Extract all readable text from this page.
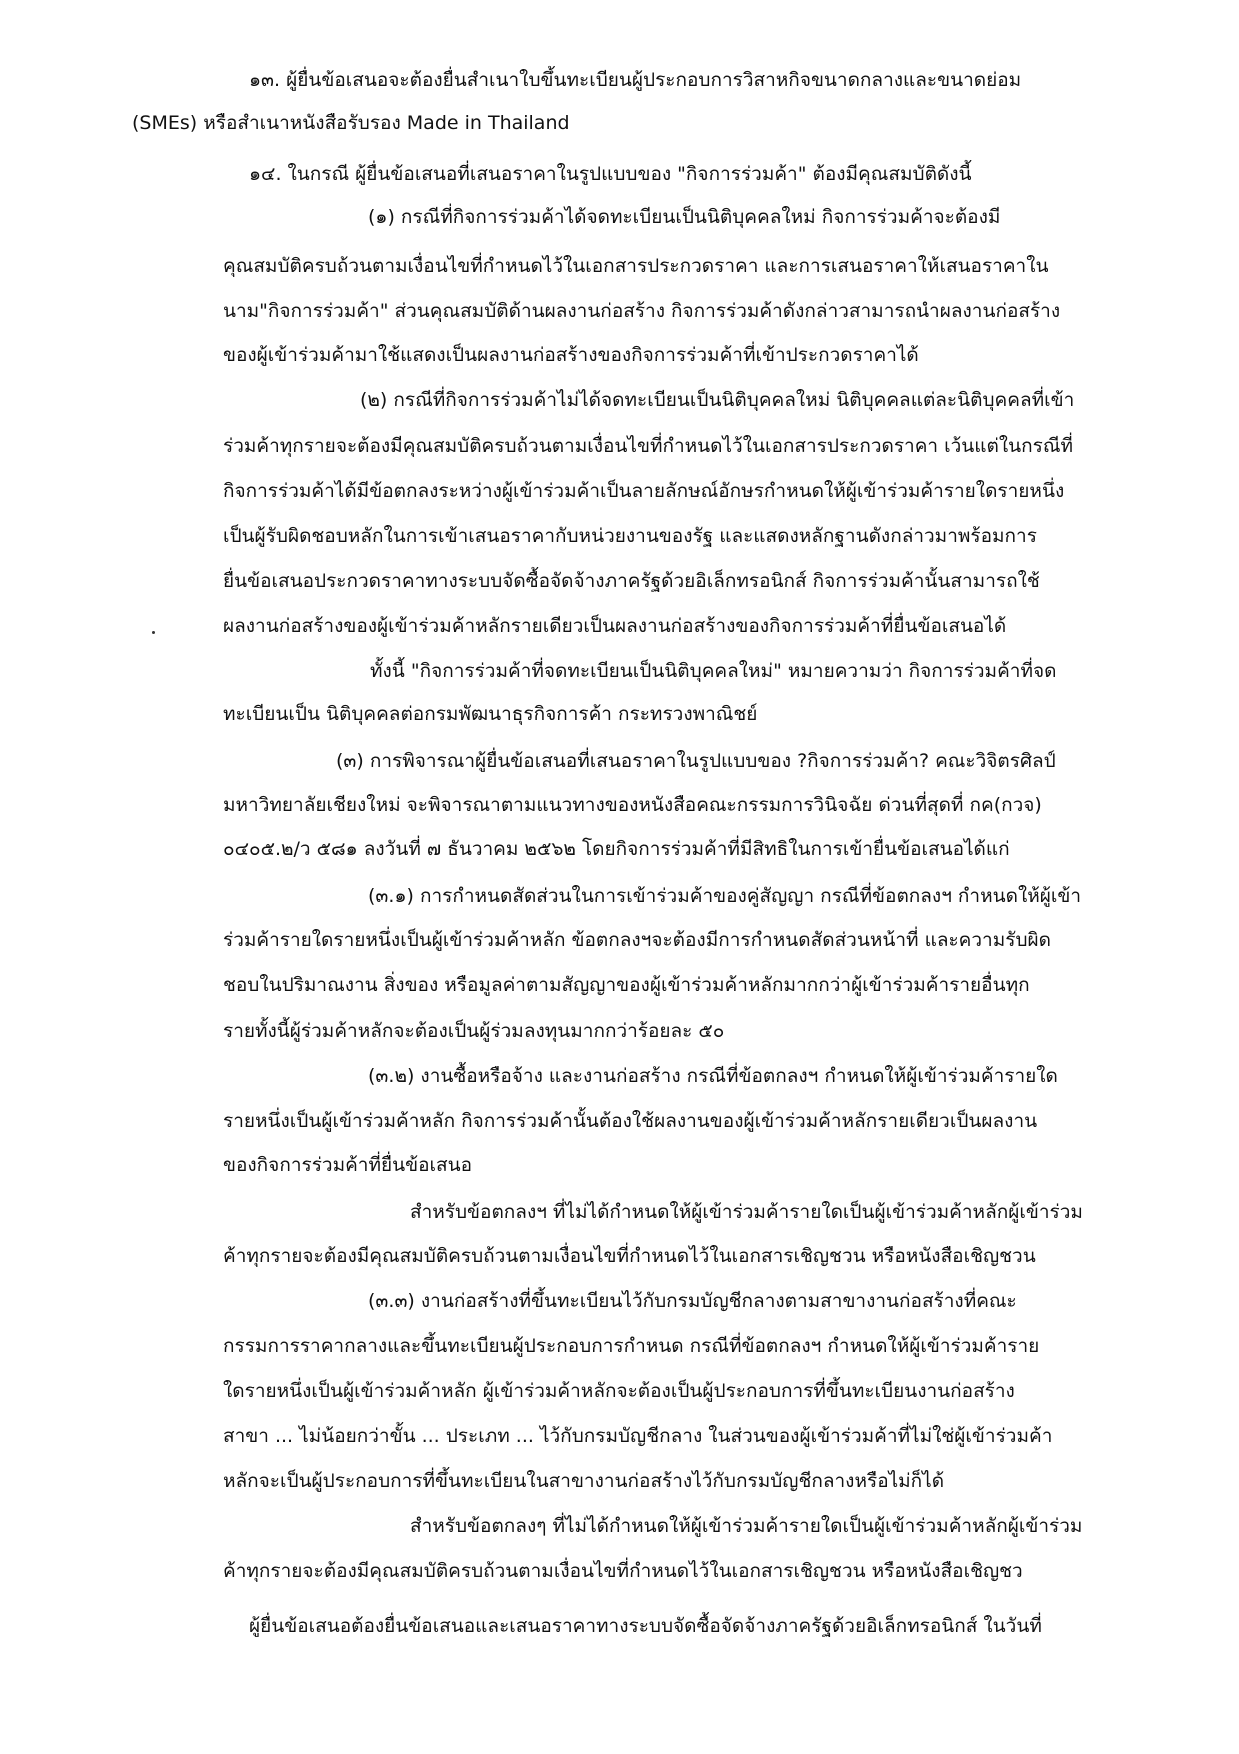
๑๓. ผู้ยื่นข้อเสนอจะต้องยื่นสำเนาใบขึ้นทะเบียนผู้ประกอบการวิสาหกิจขนาดกลางและขนาดย่อม
(SMEs) หรือสำเนาหนังสือรับรอง Made in Thailand
๑๔. ในกรณี ผู้ยื่นข้อเสนอที่เสนอราคาในรูปแบบของ "กิจการร่วมค้า" ต้องมีคุณสมบัติดังนี้
(๑) กรณีที่กิจการร่วมค้าได้จดทะเบียนเป็นนิติบุคคลใหม่ กิจการร่วมค้าจะต้องมี
คุณสมบัติครบถ้วนตามเงื่อนไขที่กำหนดไว้ในเอกสารประกวดราคา และการเสนอราคาให้เสนอราคาใน
นาม"กิจการร่วมค้า" ส่วนคุณสมบัติด้านผลงานก่อสร้าง กิจการร่วมค้าดังกล่าวสามารถนำผลงานก่อสร้าง
ของผู้เข้าร่วมค้ามาใช้แสดงเป็นผลงานก่อสร้างของกิจการร่วมค้าที่เข้าประกวดราคาได้
(๒) กรณีที่กิจการร่วมค้าไม่ได้จดทะเบียนเป็นนิติบุคคลใหม่ นิติบุคคลแต่ละนิติบุคคลที่เข้า
ร่วมค้าทุกรายจะต้องมีคุณสมบัติครบถ้วนตามเงื่อนไขที่กำหนดไว้ในเอกสารประกวดราคา เว้นแต่ในกรณีที่
กิจการร่วมค้าได้มีข้อตกลงระหว่างผู้เข้าร่วมค้าเป็นลายลักษณ์อักษรกำหนดให้ผู้เข้าร่วมค้ารายใดรายหนึ่ง
เป็นผู้รับผิดชอบหลักในการเข้าเสนอราคากับหน่วยงานของรัฐ และแสดงหลักฐานดังกล่าวมาพร้อมการ
ยื่นข้อเสนอประกวดราคาทางระบบจัดซื้อจัดจ้างภาครัฐด้วยอิเล็กทรอนิกส์ กิจการร่วมค้านั้นสามารถใช้
ผลงานก่อสร้างของผู้เข้าร่วมค้าหลักรายเดียวเป็นผลงานก่อสร้างของกิจการร่วมค้าที่ยื่นข้อเสนอได้
ทั้งนี้ "กิจการร่วมค้าที่จดทะเบียนเป็นนิติบุคคลใหม่" หมายความว่า กิจการร่วมค้าที่จด
ทะเบียนเป็น นิติบุคคลต่อกรมพัฒนาธุรกิจการค้า กระทรวงพาณิชย์
(๓) การพิจารณาผู้ยื่นข้อเสนอที่เสนอราคาในรูปแบบของ ?กิจการร่วมค้า? คณะวิจิตรศิลป์
มหาวิทยาลัยเชียงใหม่ จะพิจารณาตามแนวทางของหนังสือคณะกรรมการวินิจฉัย ด่วนที่สุดที่ กค(กวจ)
๐๔๐๕.๒/ว ๕๘๑ ลงวันที่ ๗ ธันวาคม ๒๕๖๒ โดยกิจการร่วมค้าที่มีสิทธิในการเข้ายื่นข้อเสนอได้แก่
(๓.๑) การกำหนดสัดส่วนในการเข้าร่วมค้าของคู่สัญญา กรณีที่ข้อตกลงฯ กำหนดให้ผู้เข้า
ร่วมค้ารายใดรายหนึ่งเป็นผู้เข้าร่วมค้าหลัก ข้อตกลงฯจะต้องมีการกำหนดสัดส่วนหน้าที่ และความรับผิด
ชอบในปริมาณงาน สิ่งของ หรือมูลค่าตามสัญญาของผู้เข้าร่วมค้าหลักมากกว่าผู้เข้าร่วมค้ารายอื่นทุก
รายทั้งนี้ผู้ร่วมค้าหลักจะต้องเป็นผู้ร่วมลงทุนมากกว่าร้อยละ ๕๐
(๓.๒) งานซื้อหรือจ้าง และงานก่อสร้าง กรณีที่ข้อตกลงฯ กำหนดให้ผู้เข้าร่วมค้ารายใด
รายหนึ่งเป็นผู้เข้าร่วมค้าหลัก กิจการร่วมค้านั้นต้องใช้ผลงานของผู้เข้าร่วมค้าหลักรายเดียวเป็นผลงาน
ของกิจการร่วมค้าที่ยื่นข้อเสนอ
สำหรับข้อตกลงฯ ที่ไม่ได้กำหนดให้ผู้เข้าร่วมค้ารายใดเป็นผู้เข้าร่วมค้าหลักผู้เข้าร่วม
ค้าทุกรายจะต้องมีคุณสมบัติครบถ้วนตามเงื่อนไขที่กำหนดไว้ในเอกสารเชิญชวน หรือหนังสือเชิญชวน
(๓.๓) งานก่อสร้างที่ขึ้นทะเบียนไว้กับกรมบัญชีกลางตามสาขางานก่อสร้างที่คณะ
กรรมการราคากลางและขึ้นทะเบียนผู้ประกอบการกำหนด กรณีที่ข้อตกลงฯ กำหนดให้ผู้เข้าร่วมค้าราย
ใดรายหนึ่งเป็นผู้เข้าร่วมค้าหลัก ผู้เข้าร่วมค้าหลักจะต้องเป็นผู้ประกอบการที่ขึ้นทะเบียนงานก่อสร้าง
สาขา ... ไม่น้อยกว่าขั้น ... ประเภท ... ไว้กับกรมบัญชีกลาง ในส่วนของผู้เข้าร่วมค้าที่ไม่ใช่ผู้เข้าร่วมค้า
หลักจะเป็นผู้ประกอบการที่ขึ้นทะเบียนในสาขางานก่อสร้างไว้กับกรมบัญชีกลางหรือไม่ก็ได้
สำหรับข้อตกลงๆ ที่ไม่ได้กำหนดให้ผู้เข้าร่วมค้ารายใดเป็นผู้เข้าร่วมค้าหลักผู้เข้าร่วม
ค้าทุกรายจะต้องมีคุณสมบัติครบถ้วนตามเงื่อนไขที่กำหนดไว้ในเอกสารเชิญชวน หรือหนังสือเชิญชว
ผู้ยื่นข้อเสนอต้องยื่นข้อเสนอและเสนอราคาทางระบบจัดซื้อจัดจ้างภาครัฐด้วยอิเล็กทรอนิกส์ ในวันที่
